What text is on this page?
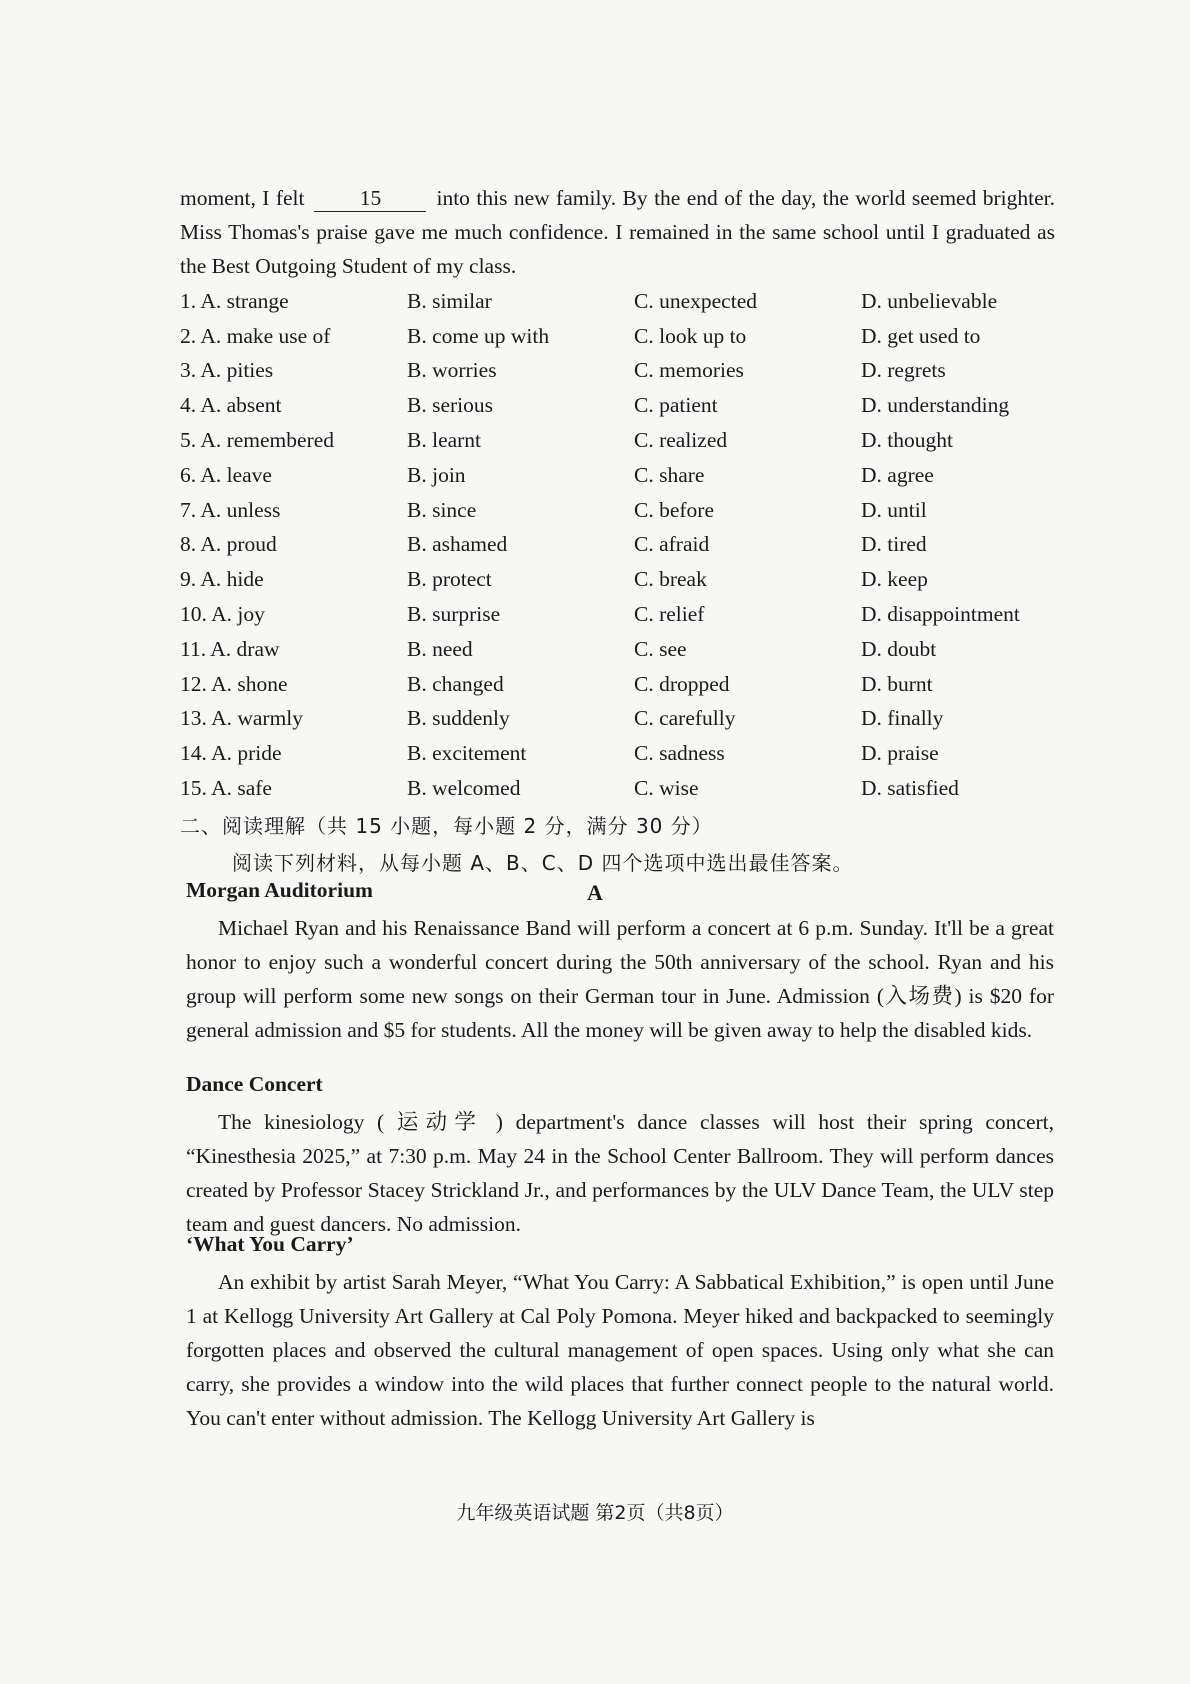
moment, I felt	15	into this new family. By the end of the day, the world seemed brighter. Miss Thomas's praise gave me much confidence. I remained in the same school until I graduated as the Best Outgoing Student of my class.
1. A. strange	B. similar	C. unexpected	D. unbelievable
2. A. make use of	B. come up with	C. look up to	D. get used to
3. A. pities	B. worries	C. memories	D. regrets
4. A. absent	B. serious	C. patient	D. understanding
5. A. remembered	B. learnt	C. realized	D. thought
6. A. leave	B. join	C. share	D. agree
7. A. unless	B. since	C. before	D. until
8. A. proud	B. ashamed	C. afraid	D. tired
9. A. hide	B. protect	C. break	D. keep
10. A. joy	B. surprise	C. relief	D. disappointment
11. A. draw	B. need	C. see	D. doubt
12. A. shone	B. changed	C. dropped	D. burnt
13. A. warmly	B. suddenly	C. carefully	D. finally
14. A. pride	B. excitement	C. sadness	D. praise
15. A. safe	B. welcomed	C. wise	D. satisfied
二、阅读理解（共 15 小题，每小题 2 分，满分 30 分）
阅读下列材料，从每小题 A、B、C、D 四个选项中选出最佳答案。
A
Morgan Auditorium
Michael Ryan and his Renaissance Band will perform a concert at 6 p.m. Sunday. It'll be a great honor to enjoy such a wonderful concert during the 50th anniversary of the school. Ryan and his group will perform some new songs on their German tour in June. Admission (入场费) is $20 for general admission and $5 for students. All the money will be given away to help the disabled kids.
Dance Concert
The kinesiology ( 运动学 ) department's dance classes will host their spring concert, “Kinesthesia 2025,” at 7:30 p.m. May 24 in the School Center Ballroom. They will perform dances created by Professor Stacey Strickland Jr., and performances by the ULV Dance Team, the ULV step team and guest dancers. No admission.
‘What You Carry’
An exhibit by artist Sarah Meyer, “What You Carry: A Sabbatical Exhibition,” is open until June 1 at Kellogg University Art Gallery at Cal Poly Pomona. Meyer hiked and backpacked to seemingly forgotten places and observed the cultural management of open spaces. Using only what she can carry, she provides a window into the wild places that further connect people to the natural world. You can't enter without admission. The Kellogg University Art Gallery is
九年级英语试题 第2页（共8页）
